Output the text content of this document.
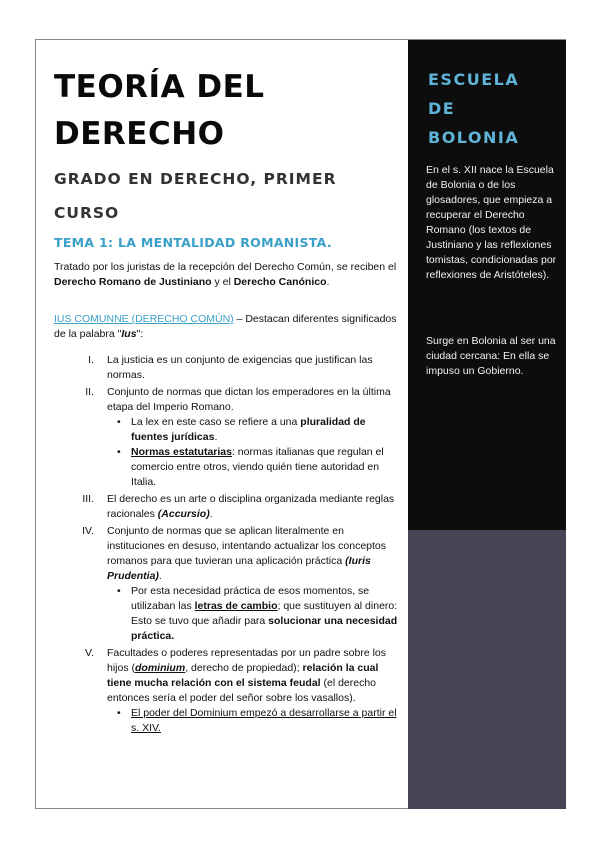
TEORÍA DEL
DERECHO
GRADO EN DERECHO, PRIMER
CURSO
TEMA 1: LA MENTALIDAD ROMANISTA.

Tratado por los juristas de la recepción del Derecho Común, se reciben el Derecho Romano de Justiniano y el Derecho Canónico.

IUS COMUNNE (DERECHO COMÚN) – Destacan diferentes significados de la palabra "Ius":

I. La justicia es un conjunto de exigencias que justifican las normas.
II. Conjunto de normas que dictan los emperadores en la última etapa del Imperio Romano.
• La lex en este caso se refiere a una pluralidad de fuentes jurídicas.
• Normas estatutarias: normas italianas que regulan el comercio entre otros, viendo quién tiene autoridad en Italia.
III. El derecho es un arte o disciplina organizada mediante reglas racionales (Accursio).
IV. Conjunto de normas que se aplican literalmente en instituciones en desuso, intentando actualizar los conceptos romanos para que tuvieran una aplicación práctica (Iuris Prudentia).
• Por esta necesidad práctica de esos momentos, se utilizaban las letras de cambio; que sustituyen al dinero: Esto se tuvo que añadir para solucionar una necesidad práctica.
V. Facultades o poderes representadas por un padre sobre los hijos (dominium, derecho de propiedad); relación la cual tiene mucha relación con el sistema feudal (el derecho entonces sería el poder del señor sobre los vasallos).
• El poder del Dominium empezó a desarrollarse a partir el s. XIV.
ESCUELA
DE
BOLONIA

En el s. XII nace la Escuela de Bolonia o de los glosadores, que empieza a recuperar el Derecho Romano (los textos de Justiniano y las reflexiones tomistas, condicionadas por reflexiones de Aristóteles).

Surge en Bolonia al ser una ciudad cercana: En ella se impuso un Gobierno.
